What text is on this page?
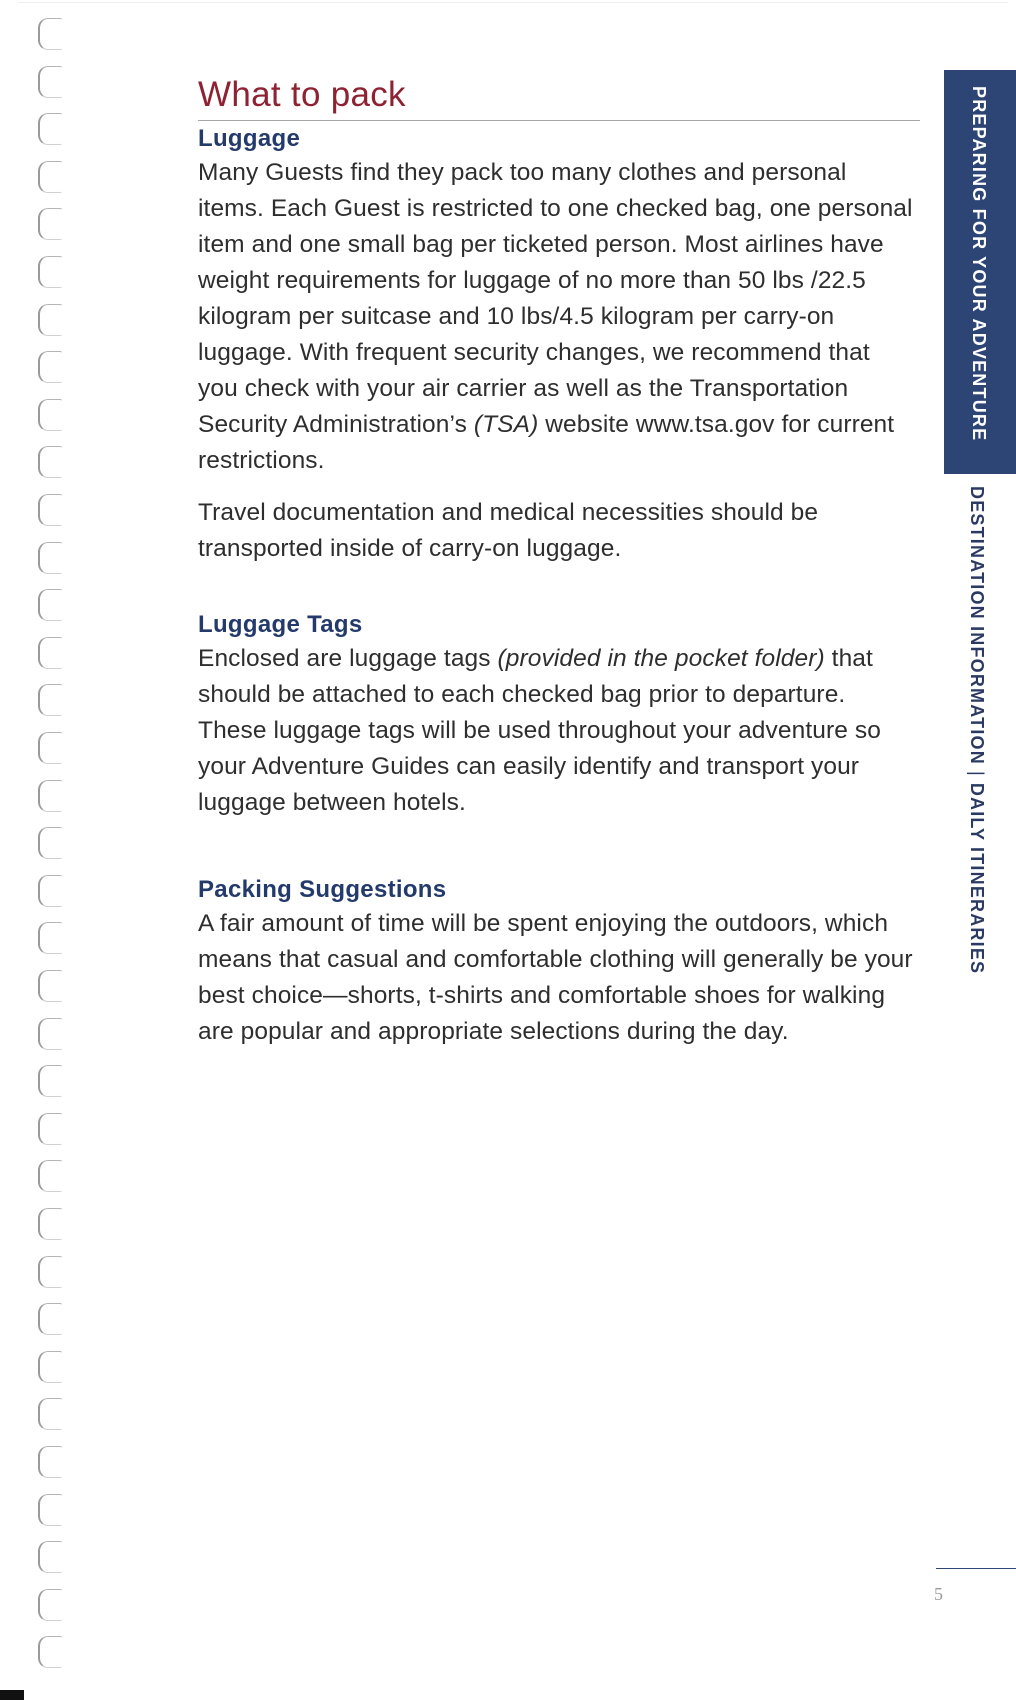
What to pack
Luggage

Many Guests find they pack too many clothes and personal items. Each Guest is restricted to one checked bag, one personal item and one small bag per ticketed person. Most airlines have weight requirements for luggage of no more than 50 lbs /22.5 kilogram per suitcase and 10 lbs/4.5 kilogram per carry-on luggage. With frequent security changes, we recommend that you check with your air carrier as well as the Transportation Security Administration’s (TSA) website www.tsa.gov for current restrictions.

Travel documentation and medical necessities should be transported inside of carry-on luggage.

Luggage Tags

Enclosed are luggage tags (provided in the pocket folder) that should be attached to each checked bag prior to departure. These luggage tags will be used throughout your adventure so your Adventure Guides can easily identify and transport your luggage between hotels.

Packing Suggestions

A fair amount of time will be spent enjoying the outdoors, which means that casual and comfortable clothing will generally be your best choice—shorts, t-shirts and comfortable shoes for walking are popular and appropriate selections during the day.

PREPARING FOR YOUR ADVENTURE
DESTINATION INFORMATION|DAILY ITINERARIES
5
